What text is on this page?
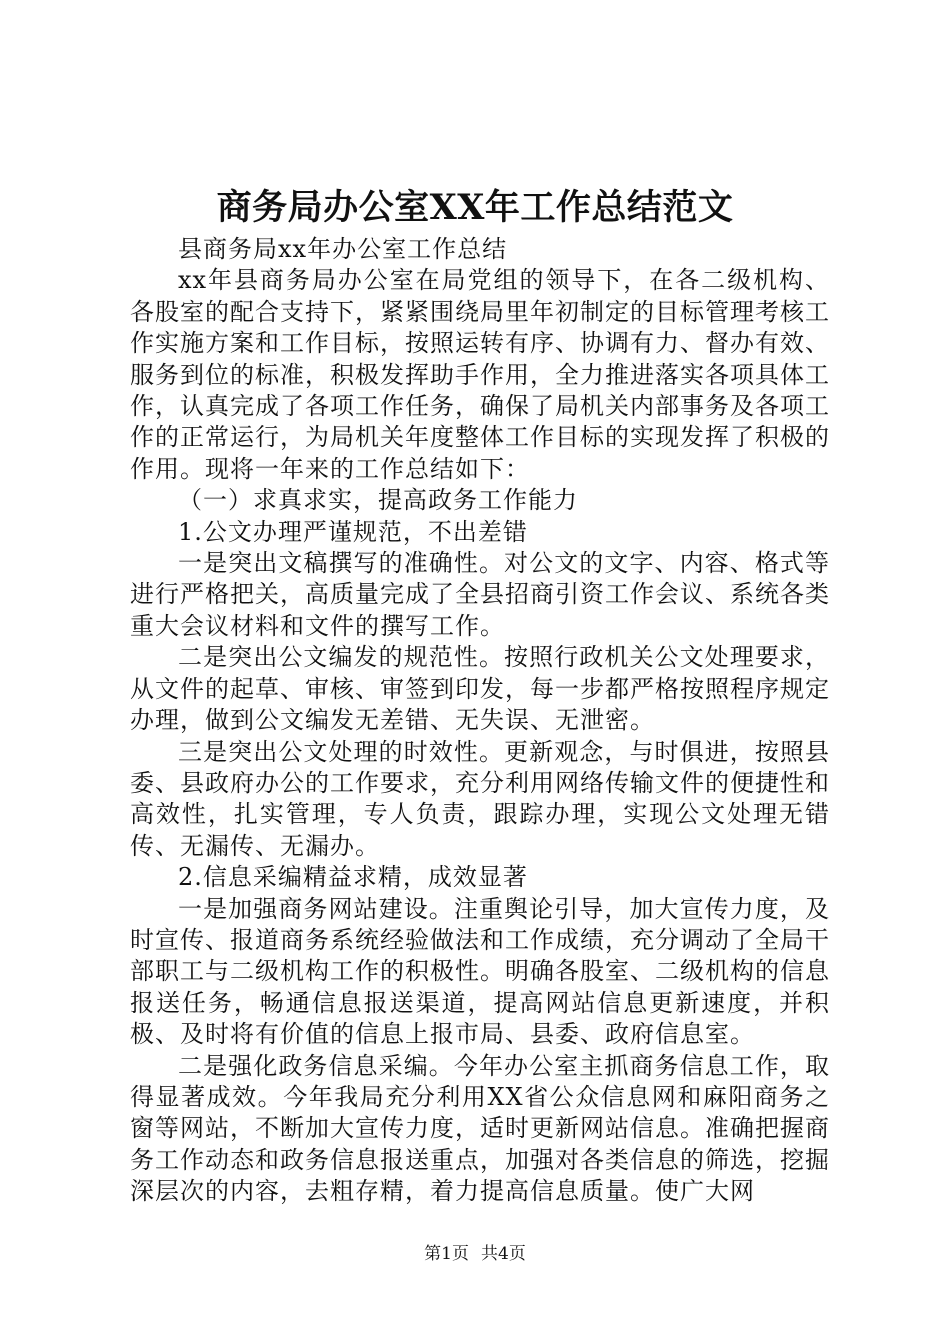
商务局办公室XX年工作总结范文

县商务局xx年办公室工作总结

xx年县商务局办公室在局党组的领导下，在各二级机构、各股室的配合支持下，紧紧围绕局里年初制定的目标管理考核工作实施方案和工作目标，按照运转有序、协调有力、督办有效、服务到位的标准，积极发挥助手作用，全力推进落实各项具体工作，认真完成了各项工作任务，确保了局机关内部事务及各项工作的正常运行，为局机关年度整体工作目标的实现发挥了积极的作用。现将一年来的工作总结如下：

（一）求真求实，提高政务工作能力

1.公文办理严谨规范，不出差错

一是突出文稿撰写的准确性。对公文的文字、内容、格式等进行严格把关，高质量完成了全县招商引资工作会议、系统各类重大会议材料和文件的撰写工作。

二是突出公文编发的规范性。按照行政机关公文处理要求，从文件的起草、审核、审签到印发，每一步都严格按照程序规定办理，做到公文编发无差错、无失误、无泄密。

三是突出公文处理的时效性。更新观念，与时俱进，按照县委、县政府办公的工作要求，充分利用网络传输文件的便捷性和高效性，扎实管理，专人负责，跟踪办理，实现公文处理无错传、无漏传、无漏办。

2.信息采编精益求精，成效显著

一是加强商务网站建设。注重舆论引导，加大宣传力度，及时宣传、报道商务系统经验做法和工作成绩，充分调动了全局干部职工与二级机构工作的积极性。明确各股室、二级机构的信息报送任务，畅通信息报送渠道，提高网站信息更新速度，并积极、及时将有价值的信息上报市局、县委、政府信息室。

二是强化政务信息采编。今年办公室主抓商务信息工作，取得显著成效。今年我局充分利用XX省公众信息网和麻阳商务之窗等网站，不断加大宣传力度，适时更新网站信息。准确把握商务工作动态和政务信息报送重点，加强对各类信息的筛选，挖掘深层次的内容，去粗存精，着力提高信息质量。使广大网

第1页 共4页
